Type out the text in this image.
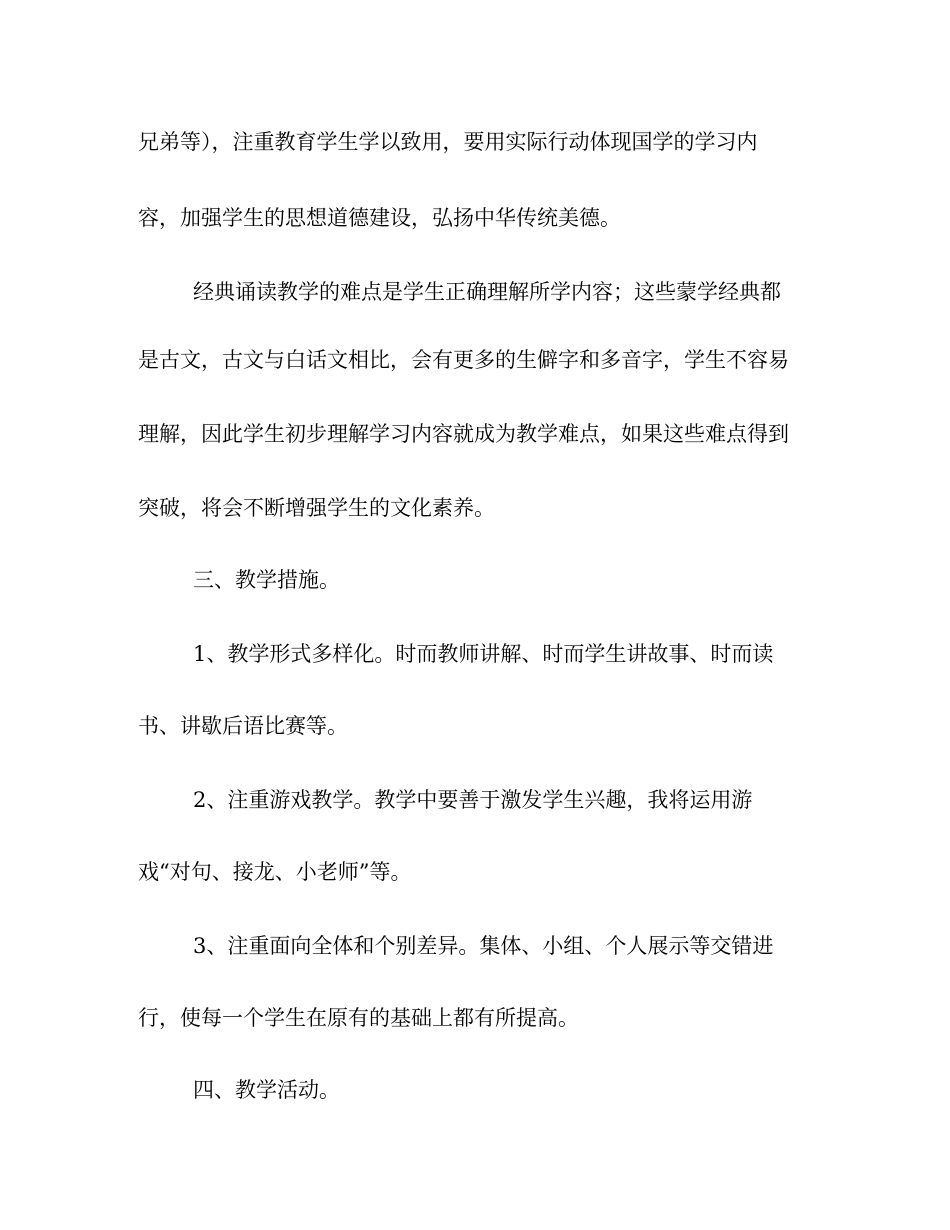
兄弟等），注重教育学生学以致用，要用实际行动体现国学的学习内

容，加强学生的思想道德建设，弘扬中华传统美德。

经典诵读教学的难点是学生正确理解所学内容；这些蒙学经典都

是古文，古文与白话文相比，会有更多的生僻字和多音字，学生不容易

理解，因此学生初步理解学习内容就成为教学难点，如果这些难点得到

突破，将会不断增强学生的文化素养。

三、教学措施。

1、教学形式多样化。时而教师讲解、时而学生讲故事、时而读

书、讲歇后语比赛等。

2、注重游戏教学。教学中要善于激发学生兴趣，我将运用游

戏“对句、接龙、小老师”等。

3、注重面向全体和个别差异。集体、小组、个人展示等交错进

行，使每一个学生在原有的基础上都有所提高。

四、教学活动。
